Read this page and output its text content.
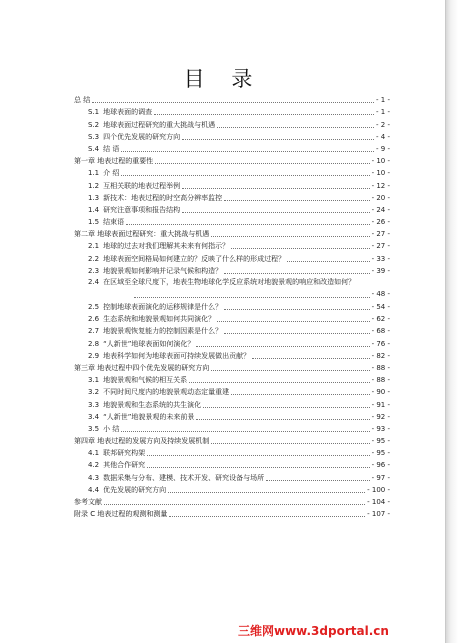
目 录
总 结	- 1 -
S.1 地球表面的调查	- 1 -
S.2 地球表面过程研究的重大挑战与机遇	- 2 -
S.3 四个优先发展的研究方向	- 4 -
S.4 结 语	- 9 -
第一章 地表过程的重要性	- 10 -
1.1 介 绍	- 10 -
1.2 互相关联的地表过程举例	- 12 -
1.3 新技术：地表过程的时空高分辨率监控	- 20 -
1.4 研究注意事项和报告结构	- 24 -
1.5 结束语	- 26 -
第二章 地球表面过程研究：重大挑战与机遇	- 27 -
2.1 地球的过去对我们理解其未来有何指示？	- 27 -
2.2 地球表面空间格局如何建立的？反映了什么样的形成过程？	- 33 -
2.3 地貌景观如何影响并记录气候和构造？	- 39 -
2.4 在区域至全球尺度下，地表生物地球化学反应系统对地貌景观的响应和改造如何？
- 48 -
2.5 控制地球表面演化的运移规律是什么？	- 54 -
2.6 生态系统和地貌景观如何共同演化？	- 62 -
2.7 地貌景观恢复能力的控制因素是什么？	- 68 -
2.8 “人新世”地球表面如何演化？	- 76 -
2.9 地表科学如何为地球表面可持续发展做出贡献？	- 82 -
第三章 地表过程中四个优先发展的研究方向	- 88 -
3.1 地貌景观和气候的相互关系	- 88 -
3.2 不同时间尺度内的地貌景观动态定量重建	- 90 -
3.3 地貌景观和生态系统的共生演化	- 91 -
3.4 “人新世”地貌景观的未来前景	- 92 -
3.5 小 结	- 93 -
第四章 地表过程的发展方向及持续发展机制	- 95 -
4.1 联邦研究构架	- 95 -
4.2 其他合作研究	- 96 -
4.3 数据采集与分布、建模、技术开发、研究设备与场所	- 97 -
4.4 优先发展的研究方向	- 100 -
参考文献	- 104 -
附录 C 地表过程的观测和测量	- 107 -
三维网www.3dportal.cn
